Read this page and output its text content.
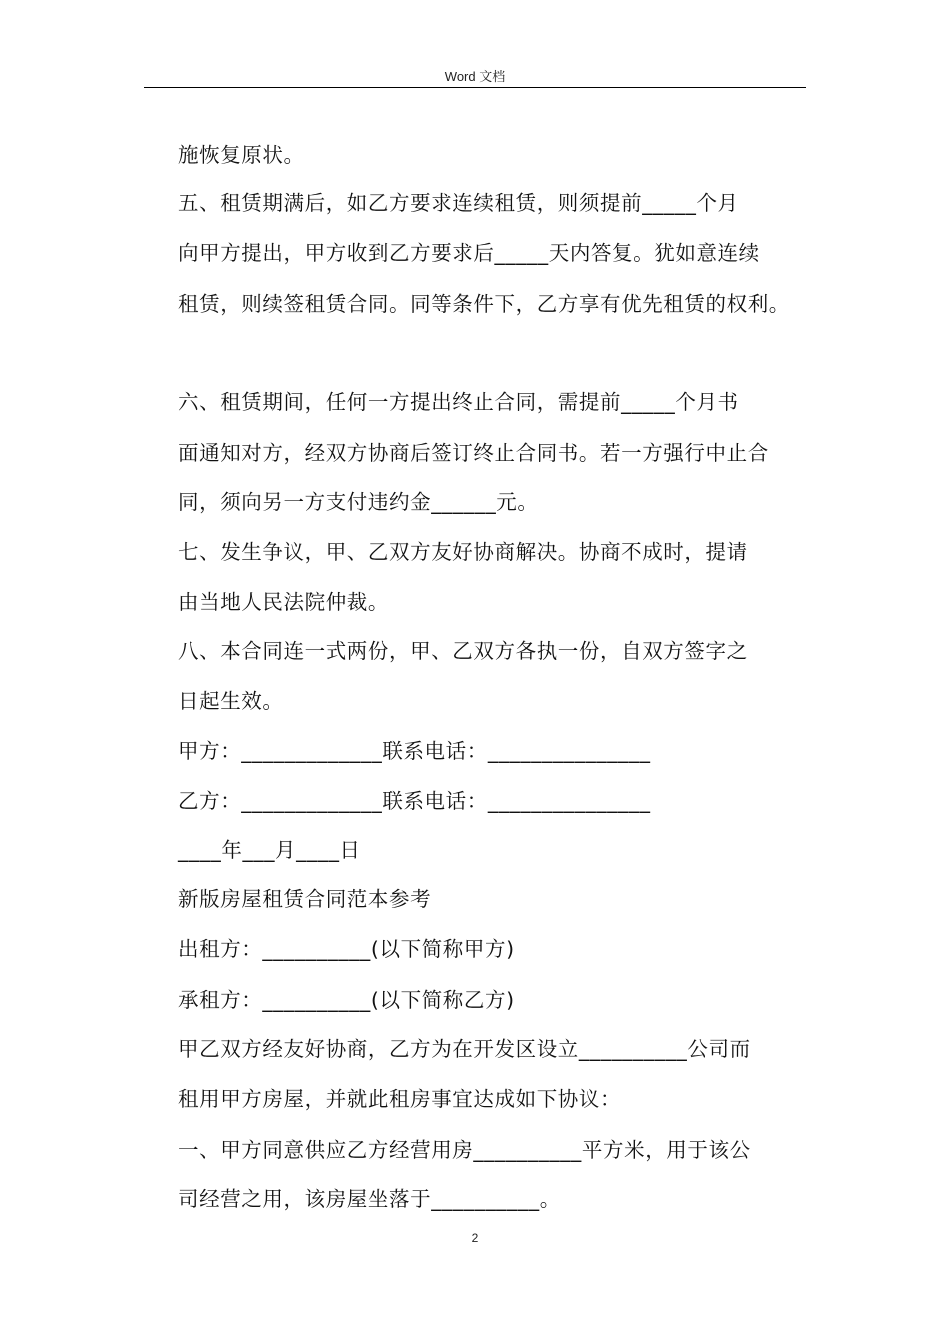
Word 文档
施恢复原状。
五、租赁期满后，如乙方要求连续租赁，则须提前_____个月
向甲方提出，甲方收到乙方要求后_____天内答复。犹如意连续
租赁，则续签租赁合同。同等条件下，乙方享有优先租赁的权利。
六、租赁期间，任何一方提出终止合同，需提前_____个月书
面通知对方，经双方协商后签订终止合同书。若一方强行中止合
同，须向另一方支付违约金______元。
七、发生争议，甲、乙双方友好协商解决。协商不成时，提请
由当地人民法院仲裁。
八、本合同连一式两份，甲、乙双方各执一份，自双方签字之
日起生效。
甲方：_____________联系电话：_______________
乙方：_____________联系电话：_______________
____年___月____日
新版房屋租赁合同范本参考
出租方：__________(以下简称甲方)
承租方：__________(以下简称乙方)
甲乙双方经友好协商，乙方为在开发区设立__________公司而
租用甲方房屋，并就此租房事宜达成如下协议：
一、甲方同意供应乙方经营用房__________平方米，用于该公
司经营之用，该房屋坐落于__________。
2
